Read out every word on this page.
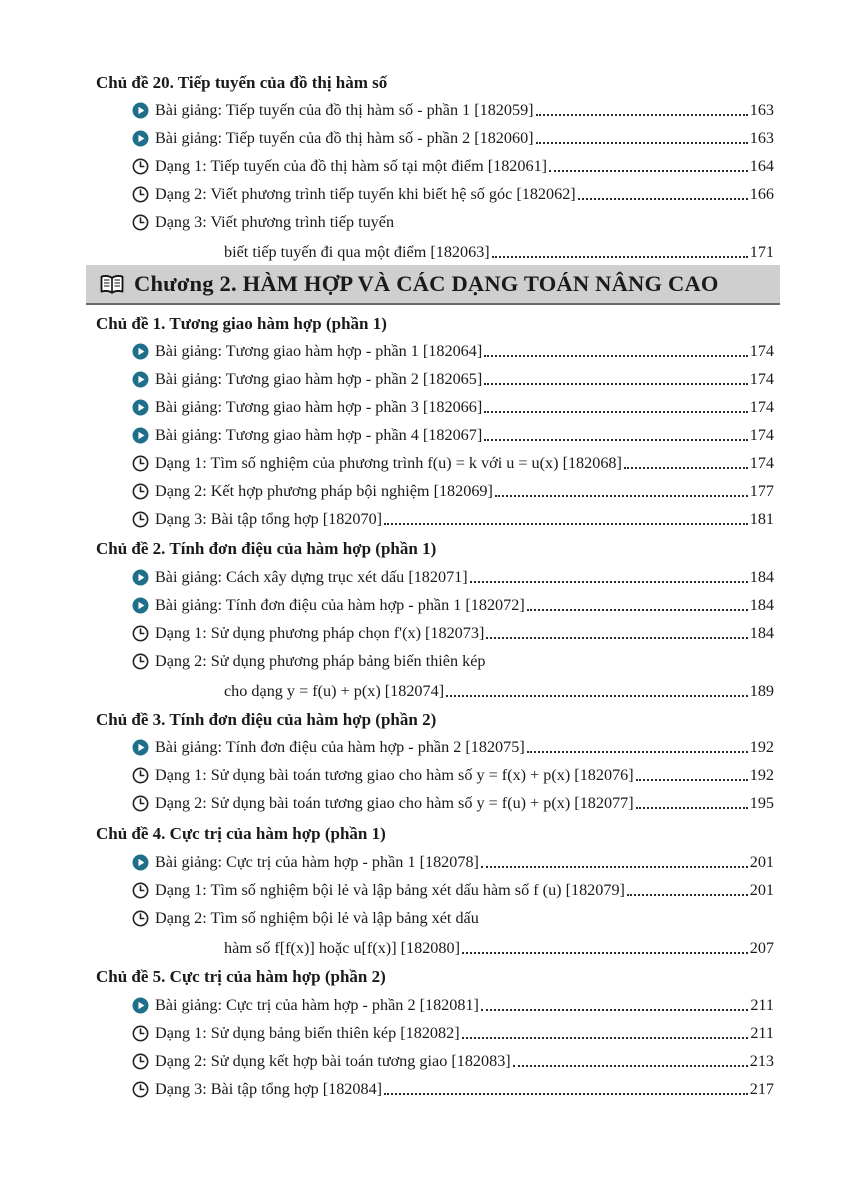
Chủ đề 20. Tiếp tuyến của đồ thị hàm số
Bài giảng: Tiếp tuyến của đồ thị hàm số - phần 1 [182059]	163
Bài giảng: Tiếp tuyến của đồ thị hàm số - phần 2 [182060]	163
Dạng 1: Tiếp tuyến của đồ thị hàm số tại một điểm [182061]	164
Dạng 2: Viết phương trình tiếp tuyến khi biết hệ số góc [182062]	166
Dạng 3: Viết phương trình tiếp tuyến
biết tiếp tuyến đi qua một điểm [182063]	171
Chương 2. HÀM HỢP VÀ CÁC DẠNG TOÁN NÂNG CAO
Chủ đề 1. Tương giao hàm hợp (phần 1)
Bài giảng: Tương giao hàm hợp - phần 1 [182064]	174
Bài giảng: Tương giao hàm hợp - phần 2 [182065]	174
Bài giảng: Tương giao hàm hợp - phần 3 [182066]	174
Bài giảng: Tương giao hàm hợp - phần 4 [182067]	174
Dạng 1: Tìm số nghiệm của phương trình f(u) = k với u = u(x) [182068]	174
Dạng 2: Kết hợp phương pháp bội nghiệm [182069]	177
Dạng 3: Bài tập tổng hợp [182070]	181
Chủ đề 2. Tính đơn điệu của hàm hợp (phần 1)
Bài giảng: Cách xây dựng trục xét dấu [182071]	184
Bài giảng: Tính đơn điệu của hàm hợp - phần 1 [182072]	184
Dạng 1: Sử dụng phương pháp chọn f'(x) [182073]	184
Dạng 2: Sử dụng phương pháp bảng biến thiên kép
cho dạng y = f(u) + p(x) [182074]	189
Chủ đề 3. Tính đơn điệu của hàm hợp (phần 2)
Bài giảng: Tính đơn điệu của hàm hợp - phần 2 [182075]	192
Dạng 1: Sử dụng bài toán tương giao cho hàm số y = f(x) + p(x) [182076]	192
Dạng 2: Sử dụng bài toán tương giao cho hàm số y = f(u) + p(x) [182077]	195
Chủ đề 4. Cực trị của hàm hợp (phần 1)
Bài giảng: Cực trị của hàm hợp - phần 1 [182078]	201
Dạng 1: Tìm số nghiệm bội lẻ và lập bảng xét dấu hàm số f (u) [182079]	201
Dạng 2: Tìm số nghiệm bội lẻ và lập bảng xét dấu
hàm số f[f(x)] hoặc u[f(x)] [182080]	207
Chủ đề 5. Cực trị của hàm hợp (phần 2)
Bài giảng: Cực trị của hàm hợp - phần 2 [182081]	211
Dạng 1: Sử dụng bảng biến thiên kép [182082]	211
Dạng 2: Sử dụng kết hợp bài toán tương giao [182083]	213
Dạng 3: Bài tập tổng hợp [182084]	217
